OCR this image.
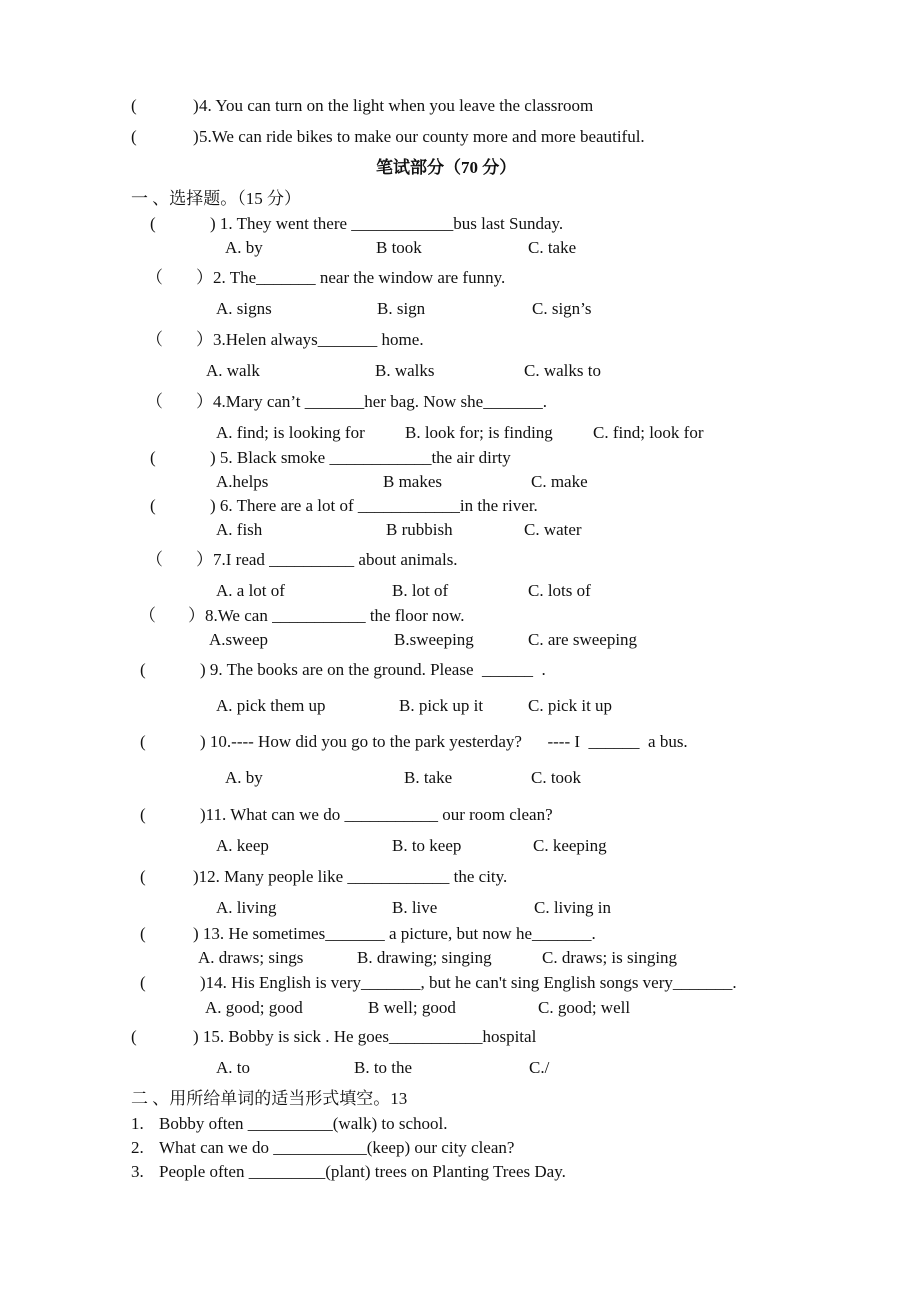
(	) 4. You can turn on the light when you leave the classroom
(	) 5.We can ride bikes to make our county more and more beautiful.
笔试部分（70 分）
一 、选择题。（15 分）
(	) 1. They went there ____________bus last Sunday.
A. by	B took	C. take
（ ）2. The_______ near the window are funny.
A. signs	B. sign	C. sign’s
（ ）3.Helen always_______ home.
A. walk	B. walks	C. walks to
（ ）4.Mary can’t _______her bag. Now she_______.
A. find; is looking for B. look for; is finding C. find; look for
(	) 5. Black smoke ____________the air dirty
A.helps	B makes	C. make
(	) 6. There are a lot of ____________in the river.
A. fish	B rubbish	C. water
（ ）7.I read __________ about animals.
A. a lot of	B. lot of	C. lots of
（ ）8.We can ___________ the floor now.
A.sweep	B.sweeping	C. are sweeping
(	) 9. The books are on the ground. Please  ______  .
A. pick them up	B. pick up it	C. pick it up
(	) 10.---- How did you go to the park yesterday?      ---- I  ______  a bus.
A. by	B. take	C. took
(	)11. What can we do ___________ our room clean?
A. keep	B. to keep	C. keeping
(	)12. Many people like ____________ the city.
A. living	B. live	C. living in
(	) 13. He sometimes_______ a picture, but now he_______.
A. draws; sings	B. drawing; singing	C. draws; is singing
(	)14. His English is very_______, but he can't sing English songs very_______.
A. good; good	B well; good	C. good; well
(	) 15. Bobby is sick . He goes___________hospital
A. to	B. to the	C./
二 、用所给单词的适当形式填空。13
1. Bobby often __________(walk) to school.
2. What can we do ___________(keep) our city clean?
3. People often _________(plant) trees on Planting Trees Day.
